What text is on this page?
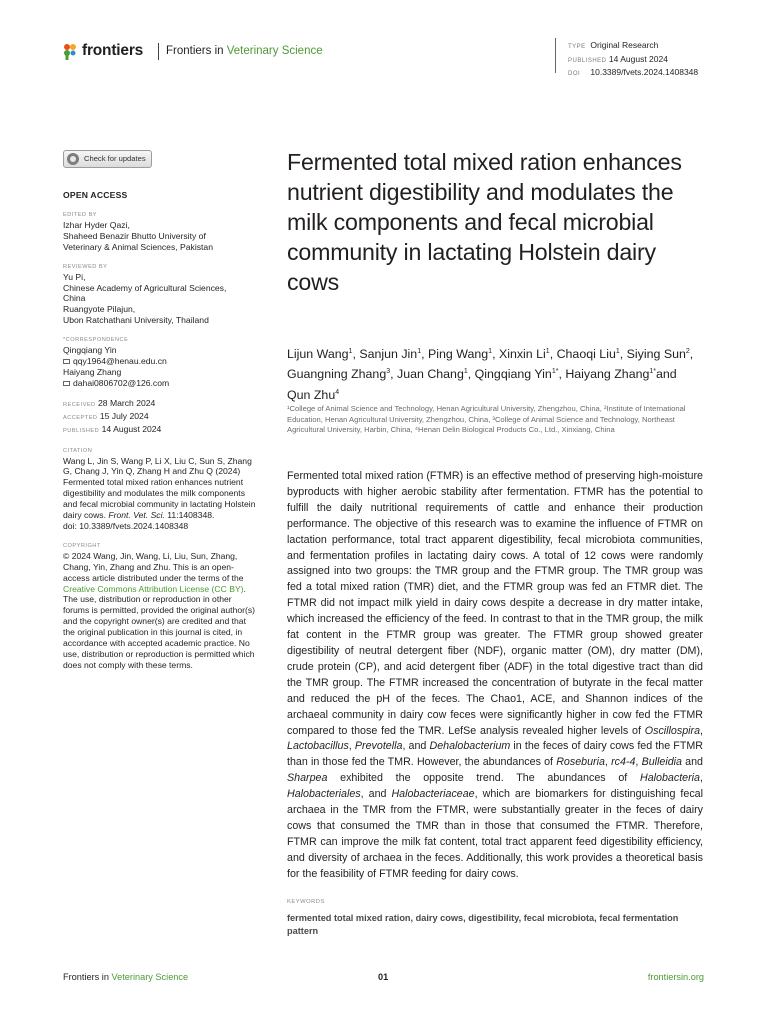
frontiers Frontiers in Veterinary Science	TYPE Original Research
PUBLISHED 14 August 2024
DOI 10.3389/fvets.2024.1408348
Check for updates
OPEN ACCESS
EDITED BY
Izhar Hyder Qazi,
Shaheed Benazir Bhutto University of
Veterinary & Animal Sciences, Pakistan
REVIEWED BY
Yu Pi,
Chinese Academy of Agricultural Sciences,
China
Ruangyote Pilajun,
Ubon Ratchathani University, Thailand
*CORRESPONDENCE
Qingqiang Yin
qqy1964@henau.edu.cn
Haiyang Zhang
dahai0806702@126.com
RECEIVED 28 March 2024
ACCEPTED 15 July 2024
PUBLISHED 14 August 2024
CITATION
Wang L, Jin S, Wang P, Li X, Liu C, Sun S, Zhang G, Chang J, Yin Q, Zhang H and Zhu Q (2024) Fermented total mixed ration enhances nutrient digestibility and modulates the milk components and fecal microbial community in lactating Holstein dairy cows. Front. Vet. Sci. 11:1408348.
doi: 10.3389/fvets.2024.1408348
COPYRIGHT
© 2024 Wang, Jin, Wang, Li, Liu, Sun, Zhang, Chang, Yin, Zhang and Zhu. This is an open-access article distributed under the terms of the Creative Commons Attribution License (CC BY). The use, distribution or reproduction in other forums is permitted, provided the original author(s) and the copyright owner(s) are credited and that the original publication in this journal is cited, in accordance with accepted academic practice. No use, distribution or reproduction is permitted which does not comply with these terms.
Fermented total mixed ration enhances nutrient digestibility and modulates the milk components and fecal microbial community in lactating Holstein dairy cows
Lijun Wang$^1$, Sanjun Jin$^1$, Ping Wang$^1$, Xinxin Li$^1$, Chaoqi Liu$^1$, Siying Sun$^2$, Guangning Zhang$^3$, Juan Chang$^1$, Qingqiang Yin$^{1*}$, Haiyang Zhang$^{1*}$and Qun Zhu$^4$
¹College of Animal Science and Technology, Henan Agricultural University, Zhengzhou, China, ²Institute of International Education, Henan Agricultural University, Zhengzhou, China, ³College of Animal Science and Technology, Northeast Agricultural University, Harbin, China, ⁴Henan Delin Biological Products Co., Ltd., Xinxiang, China
Fermented total mixed ration (FTMR) is an effective method of preserving high-moisture byproducts with higher aerobic stability after fermentation. FTMR has the potential to fulfill the daily nutritional requirements of cattle and enhance their production performance. The objective of this research was to examine the influence of FTMR on lactation performance, total tract apparent digestibility, fecal microbiota communities, and fermentation profiles in lactating dairy cows. A total of 12 cows were randomly assigned into two groups: the TMR group and the FTMR group. The TMR group was fed a total mixed ration (TMR) diet, and the FTMR group was fed an FTMR diet. The FTMR did not impact milk yield in dairy cows despite a decrease in dry matter intake, which increased the efficiency of the feed. In contrast to that in the TMR group, the milk fat content in the FTMR group was greater. The FTMR group showed greater digestibility of neutral detergent fiber (NDF), organic matter (OM), dry matter (DM), crude protein (CP), and acid detergent fiber (ADF) in the total digestive tract than did the TMR group. The FTMR increased the concentration of butyrate in the fecal matter and reduced the pH of the feces. The Chao1, ACE, and Shannon indices of the archaeal community in dairy cow feces were significantly higher in cow fed the FTMR compared to those fed the TMR. LefSe analysis revealed higher levels of Oscillospira, Lactobacillus, Prevotella, and Dehalobacterium in the feces of dairy cows fed the FTMR than in those fed the TMR. However, the abundances of Roseburia, rc4-4, Bulleidia and Sharpea exhibited the opposite trend. The abundances of Halobacteria, Halobacteriales, and Halobacteriaceae, which are biomarkers for distinguishing fecal archaea in the TMR from the FTMR, were substantially greater in the feces of dairy cows that consumed the TMR than in those that consumed the FTMR. Therefore, FTMR can improve the milk fat content, total tract apparent feed digestibility efficiency, and diversity of archaea in the feces. Additionally, this work provides a theoretical basis for the feasibility of FTMR feeding for dairy cows.
KEYWORDS
fermented total mixed ration, dairy cows, digestibility, fecal microbiota, fecal fermentation pattern
Frontiers in Veterinary Science	01	frontiersin.org
